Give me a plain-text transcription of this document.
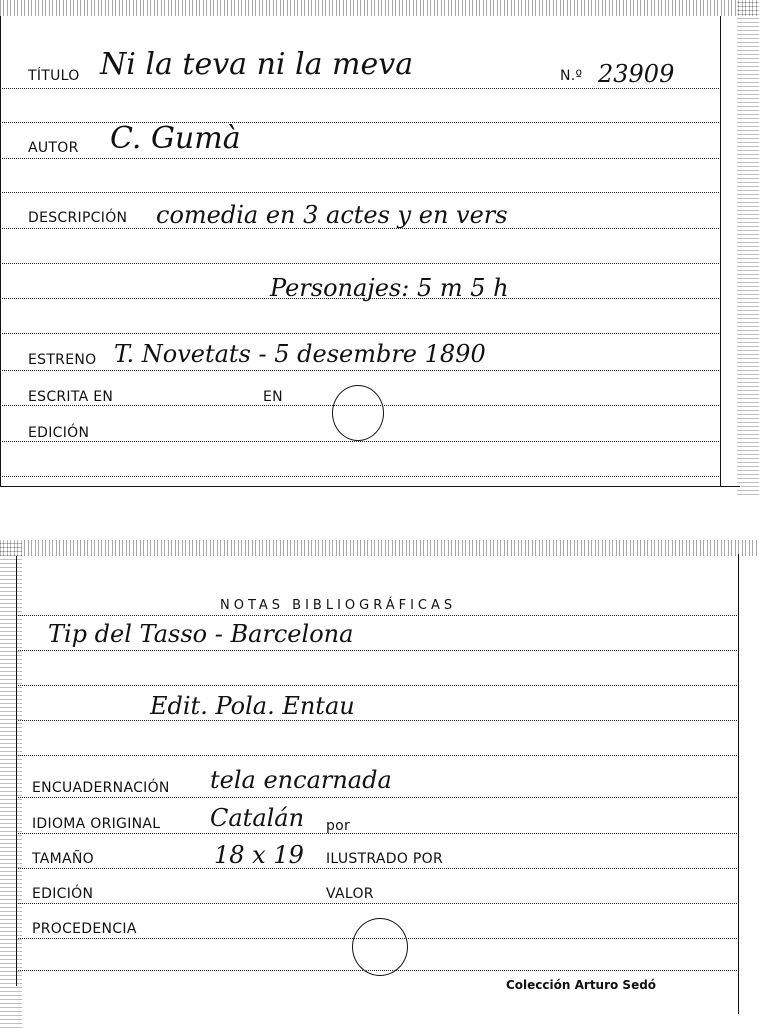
TÍTULO Ni la teva ni la meva	N.º 23909
AUTOR C. Gumà
DESCRIPCIÓN comedia en 3 actes y en vers
Personajes: 5 m 5 h
ESTRENO T. Novetats - 5 desembre 1890
ESCRITA EN	EN
EDICIÓN
NOTAS BIBLIOGRÁFICAS
Tip del Tasso - Barcelona
Edit. Pola. Entau
ENCUADERNACIÓN tela encarnada
IDIOMA ORIGINAL Catalán por
TAMAÑO	18 x 19 ILUSTRADO POR
EDICIÓN	VALOR
PROCEDENCIA
Colección Arturo Sedó
